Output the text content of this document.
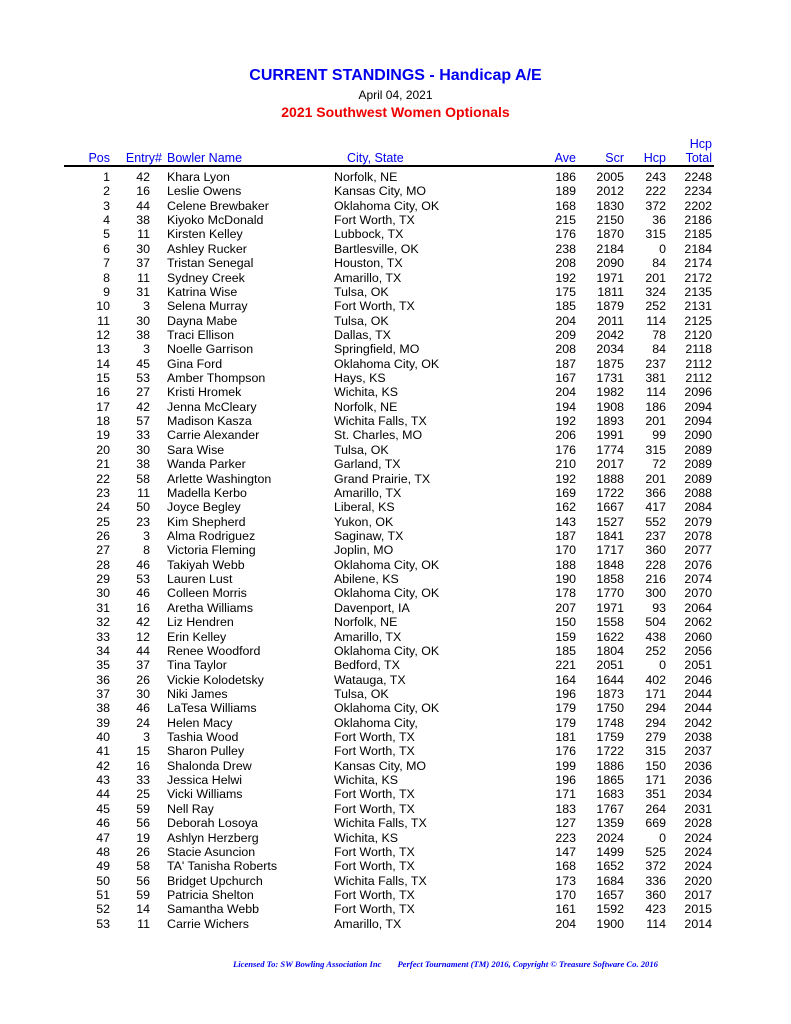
CURRENT STANDINGS - Handicap A/E
April 04, 2021
2021 Southwest Women Optionals
Pos	Entry# Bowler Name	City, State	Ave	Scr	Hcp
Hcp
Total
1	42 Khara Lyon	Norfolk, NE	186	2005	243	2248
2	16 Leslie Owens	Kansas City, MO	189	2012	222	2234
3	44 Celene Brewbaker	Oklahoma City, OK	168	1830	372	2202
4	38 Kiyoko McDonald	Fort Worth, TX	215	2150	36	2186
5	11 Kirsten Kelley	Lubbock, TX	176	1870	315	2185
6	30 Ashley Rucker	Bartlesville, OK	238	2184	0	2184
7	37 Tristan Senegal	Houston, TX	208	2090	84	2174
8	11 Sydney Creek	Amarillo, TX	192	1971	201	2172
9	31 Katrina Wise	Tulsa, OK	175	1811	324	2135
10	3 Selena Murray	Fort Worth, TX	185	1879	252	2131
11	30 Dayna Mabe	Tulsa, OK	204	2011	114	2125
12	38 Traci Ellison	Dallas, TX	209	2042	78	2120
13	3 Noelle Garrison	Springfield, MO	208	2034	84	2118
14	45 Gina Ford	Oklahoma City, OK	187	1875	237	2112
15	53 Amber Thompson	Hays, KS	167	1731	381	2112
16	27 Kristi Hromek	Wichita, KS	204	1982	114	2096
17	42 Jenna McCleary	Norfolk, NE	194	1908	186	2094
18	57 Madison Kasza	Wichita Falls, TX	192	1893	201	2094
19	33 Carrie Alexander	St. Charles, MO	206	1991	99	2090
20	30 Sara Wise	Tulsa, OK	176	1774	315	2089
21	38 Wanda Parker	Garland, TX	210	2017	72	2089
22	58 Arlette Washington	Grand Prairie, TX	192	1888	201	2089
23	11 Madella Kerbo	Amarillo, TX	169	1722	366	2088
24	50 Joyce Begley	Liberal, KS	162	1667	417	2084
25	23 Kim Shepherd	Yukon, OK	143	1527	552	2079
26	3 Alma Rodriguez	Saginaw, TX	187	1841	237	2078
27	8 Victoria Fleming	Joplin, MO	170	1717	360	2077
28	46 Takiyah Webb	Oklahoma City, OK	188	1848	228	2076
29	53 Lauren Lust	Abilene, KS	190	1858	216	2074
30	46 Colleen Morris	Oklahoma City, OK	178	1770	300	2070
31	16 Aretha Williams	Davenport, IA	207	1971	93	2064
32	42 Liz Hendren	Norfolk, NE	150	1558	504	2062
33	12 Erin Kelley	Amarillo, TX	159	1622	438	2060
34	44 Renee Woodford	Oklahoma City, OK	185	1804	252	2056
35	37 Tina Taylor	Bedford, TX	221	2051	0	2051
36	26 Vickie Kolodetsky	Watauga, TX	164	1644	402	2046
37	30 Niki James	Tulsa, OK	196	1873	171	2044
38	46 LaTesa Williams	Oklahoma City, OK	179	1750	294	2044
39	24 Helen Macy	Oklahoma City,	179	1748	294	2042
40	3 Tashia Wood	Fort Worth, TX	181	1759	279	2038
41	15 Sharon Pulley	Fort Worth, TX	176	1722	315	2037
42	16 Shalonda Drew	Kansas City, MO	199	1886	150	2036
43	33 Jessica Helwi	Wichita, KS	196	1865	171	2036
44	25 Vicki Williams	Fort Worth, TX	171	1683	351	2034
45	59 Nell Ray	Fort Worth, TX	183	1767	264	2031
46	56 Deborah Losoya	Wichita Falls, TX	127	1359	669	2028
47	19 Ashlyn Herzberg	Wichita, KS	223	2024	0	2024
48	26 Stacie Asuncion	Fort Worth, TX	147	1499	525	2024
49	58 TA' Tanisha Roberts	Fort Worth, TX	168	1652	372	2024
50	56 Bridget Upchurch	Wichita Falls, TX	173	1684	336	2020
51	59 Patricia Shelton	Fort Worth, TX	170	1657	360	2017
52	14 Samantha Webb	Fort Worth, TX	161	1592	423	2015
53	11 Carrie Wichers	Amarillo, TX	204	1900	114	2014
Licensed To: SW Bowling Association Inc Perfect Tournament (TM) 2016, Copyright © Treasure Software Co. 2016
